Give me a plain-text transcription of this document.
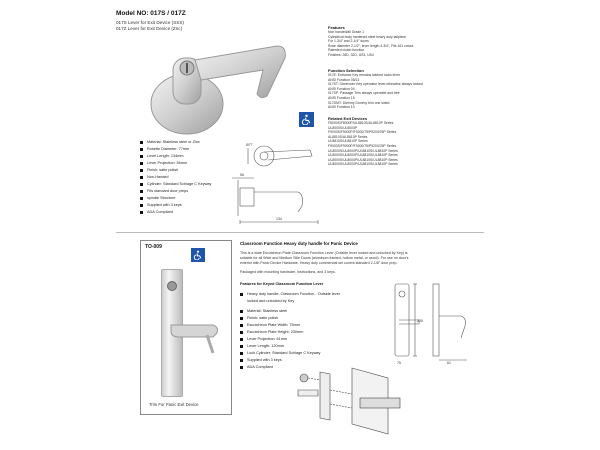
Model NO: 017S / 017Z
017S Lever for Exit Device (SSS)
017Z Lever for Exit Device (Znc)	Features
Non handed/all Grade 1
Cylindrical body hardened steel heavy duty tailpiece
For 1-3/4" and 2-1/4" doors
Rose diameter 2-1/2", lever length 4-3/4", Fits 161 cutout
Patented clutch function
Finishes: 26D, 32D, US3, US4
Function Selection
017E: Entrance Key remains latched locks lever
ANSI Function 08/13
017ST: Storeroom Key operation lever,otherwise always locked
ANSI Function 04
017SP: Passage Trim always operable and free
ANSI Function 15
017DMY: Dummy Dummy trim one sided
ANSI Function 10
Related Exit Devices
F8000S/F8000P/UL8810S/UL8810P Series
UL8000S/UL8000P
F9000S/F9000P/F9200/75/P9200/76P Series
AL8810S/AL8810P Series
UL8810S/UL8810P Series
F9000S/F9000P/F9200/75/P9200/76P Series
UL8000S/UL8000P/UL8810S/UL8810P Series
UL8000S/UL8000P/UL8810S/UL8810P Series
UL8000S/UL8000P/UL8810S/UL8810P Series
UL8000S/UL8000P/UL8810S/UL8810P Series
Material: Stainless steel or Zinc
Rosette Diameter: 77mm
Level Length: 134mm
Lever Projection: 56mm
Finish: satin polish
Non-Handed
Cylinder: Standard Schlage C Keyway
Fits standard door preps
spindle Structure
Supplied with 3 keys
ADA Compliant
Ø77
134
56
TO-009
Trim For Panic Exit Device
Classroom Function Heavy duty handle for Panic Device
This is a wide Escutcheon Plate Classroom Function Lever (Outside lever locked and unlocked by Key) is
suitable for all Wide and Medium Stile Doors (aluminum framed, hollow metal, or wood). For use on door's
exterior with Panic Device Hardware. Heavy duty commercial set covers standard 2-1/8" door prep.
Packaged with mounting hardware, instructions, and 3 keys.
Features for Keyed Classroom Function Lever
Heavy duty handle, Classroom Function - Outside lever
locked and unlocked by Key
Material: Stainless steel
Finish: satin polish
Escutcheon Plate Width: 75mm
Escutcheon Plate Height: 230mm
Lever Projection: 61mm
Lever Length: 120mm
Lock Cylinder: Standard Schlage C Keyway
Supplied with 3 keys
ADA Compliant
61
230
75
